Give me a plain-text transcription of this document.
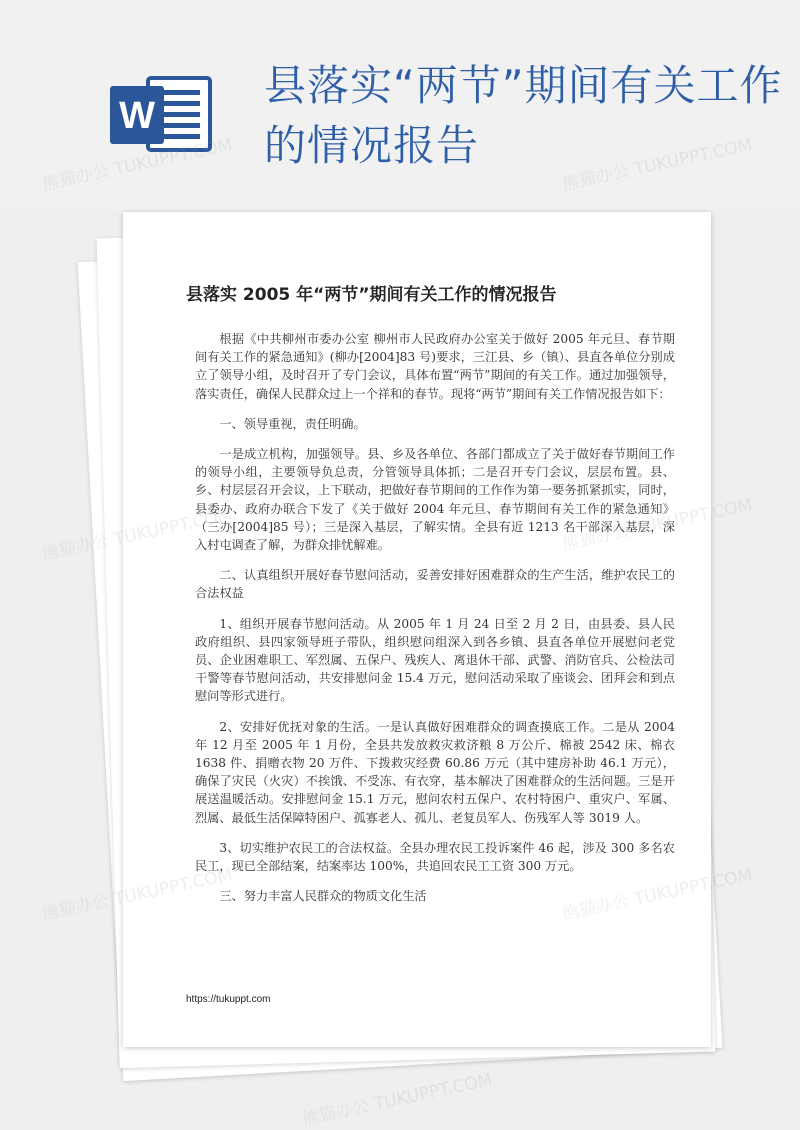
W
县落实“两节”期间有关工作的情况报告
县落实 2005 年“两节”期间有关工作的情况报告

根据《中共柳州市委办公室 柳州市人民政府办公室关于做好 2005 年元旦、春节期间有关工作的紧急通知》(柳办[2004]83 号)要求，三江县、乡（镇）、县直各单位分别成立了领导小组，及时召开了专门会议，具体布置“两节”期间的有关工作。通过加强领导，落实责任，确保人民群众过上一个祥和的春节。现将“两节”期间有关工作情况报告如下：

一、领导重视，责任明确。

一是成立机构，加强领导。县、乡及各单位、各部门都成立了关于做好春节期间工作的领导小组，主要领导负总责，分管领导具体抓；二是召开专门会议，层层布置。县、乡、村层层召开会议，上下联动，把做好春节期间的工作作为第一要务抓紧抓实，同时，县委办、政府办联合下发了《关于做好 2004 年元旦、春节期间有关工作的紧急通知》（三办[2004]85 号）；三是深入基层，了解实情。全县有近 1213 名干部深入基层，深入村屯调查了解，为群众排忧解难。

二、认真组织开展好春节慰问活动，妥善安排好困难群众的生产生活，维护农民工的合法权益

1、组织开展春节慰问活动。从 2005 年 1 月 24 日至 2 月 2 日，由县委、县人民政府组织、县四家领导班子带队，组织慰问组深入到各乡镇、县直各单位开展慰问老党员、企业困难职工、军烈属、五保户、残疾人、离退休干部、武警、消防官兵、公检法司干警等春节慰问活动，共安排慰问金 15.4 万元，慰问活动采取了座谈会、团拜会和到点慰问等形式进行。

2、安排好优抚对象的生活。一是认真做好困难群众的调查摸底工作。二是从 2004 年 12 月至 2005 年 1 月份，全县共发放救灾救济粮 8 万公斤、棉被 2542 床、棉衣 1638 件、捐赠衣物 20 万件、下拨救灾经费 60.86 万元（其中建房补助 46.1 万元），确保了灾民（火灾）不挨饿、不受冻、有衣穿，基本解决了困难群众的生活问题。三是开展送温暖活动。安排慰问金 15.1 万元，慰问农村五保户、农村特困户、重灾户、军属、烈属、最低生活保障特困户、孤寡老人、孤儿、老复员军人、伤残军人等 3019 人。

3、切实维护农民工的合法权益。全县办理农民工投诉案件 46 起，涉及 300 多名农民工，现已全部结案，结案率达 100%，共追回农民工工资 300 万元。

三、努力丰富人民群众的物质文化生活

https://tukuppt.com
熊猫办公
熊猫办公
熊猫办公 TUKUPPT.COM
